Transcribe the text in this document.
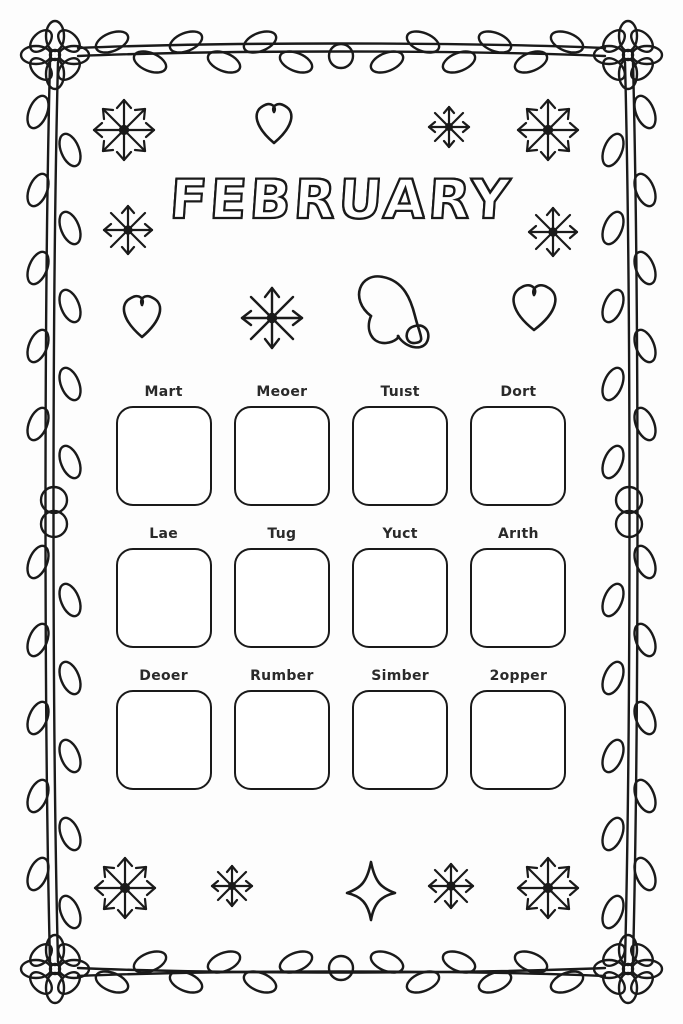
FEBRUARY
Mart	Meoer	Tuıst	Dort
Lae	Tug	Yuct	Arıth
Deoer	Rumber	Simber	2opper
